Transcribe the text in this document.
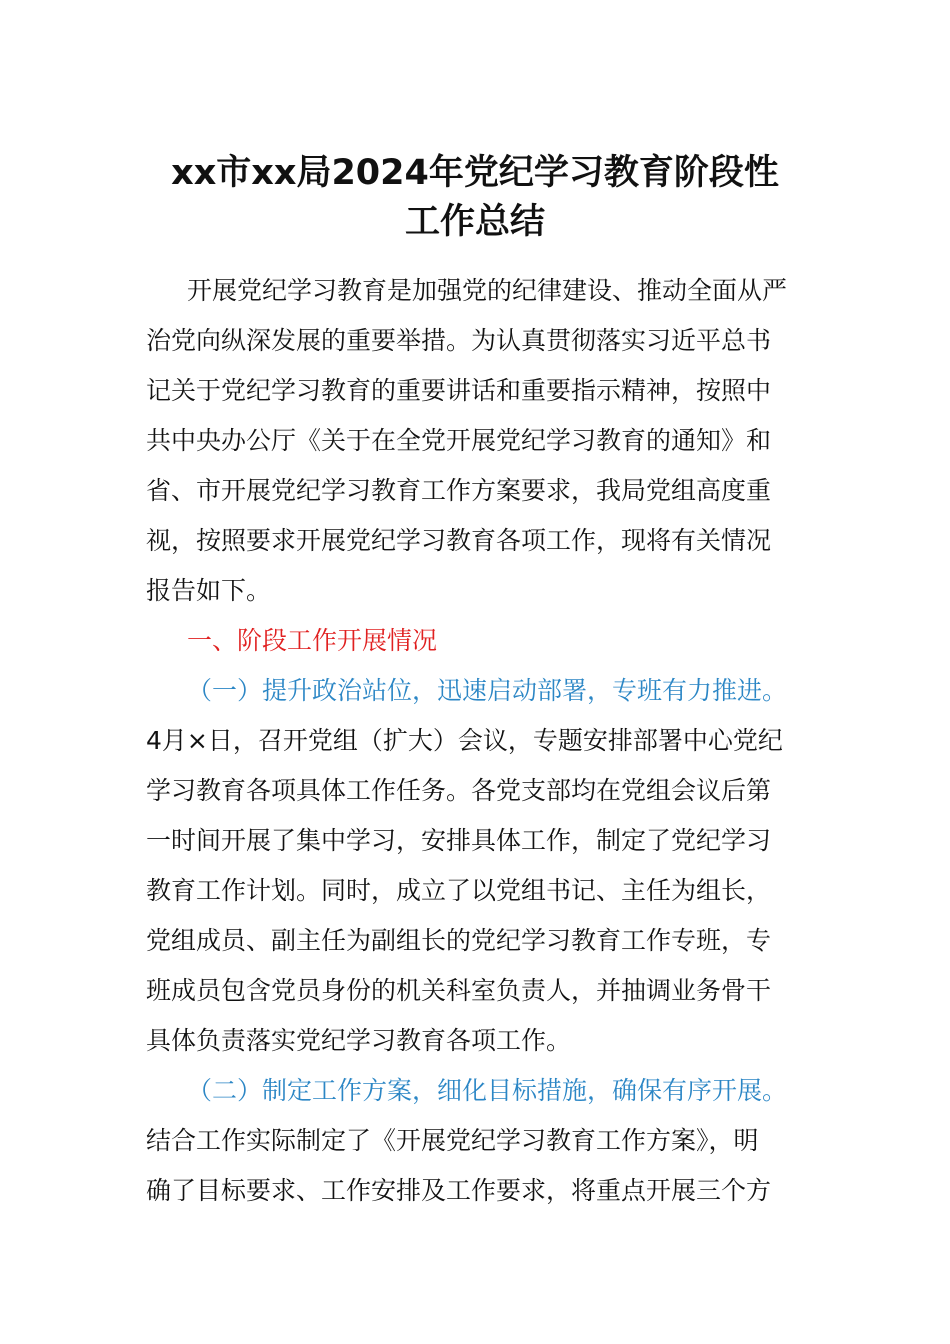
xx市xx局2024年党纪学习教育阶段性
工作总结
开展党纪学习教育是加强党的纪律建设、推动全面从严
治党向纵深发展的重要举措。为认真贯彻落实习近平总书
记关于党纪学习教育的重要讲话和重要指示精神，按照中
共中央办公厅《关于在全党开展党纪学习教育的通知》和
省、市开展党纪学习教育工作方案要求，我局党组高度重
视，按照要求开展党纪学习教育各项工作，现将有关情况
报告如下。
一、阶段工作开展情况
（一）提升政治站位，迅速启动部署，专班有力推进。
4月×日，召开党组（扩大）会议，专题安排部署中心党纪
学习教育各项具体工作任务。各党支部均在党组会议后第
一时间开展了集中学习，安排具体工作，制定了党纪学习
教育工作计划。同时，成立了以党组书记、主任为组长，
党组成员、副主任为副组长的党纪学习教育工作专班，专
班成员包含党员身份的机关科室负责人，并抽调业务骨干
具体负责落实党纪学习教育各项工作。
（二）制定工作方案，细化目标措施，确保有序开展。
结合工作实际制定了《开展党纪学习教育工作方案》，明
确了目标要求、工作安排及工作要求，将重点开展三个方
